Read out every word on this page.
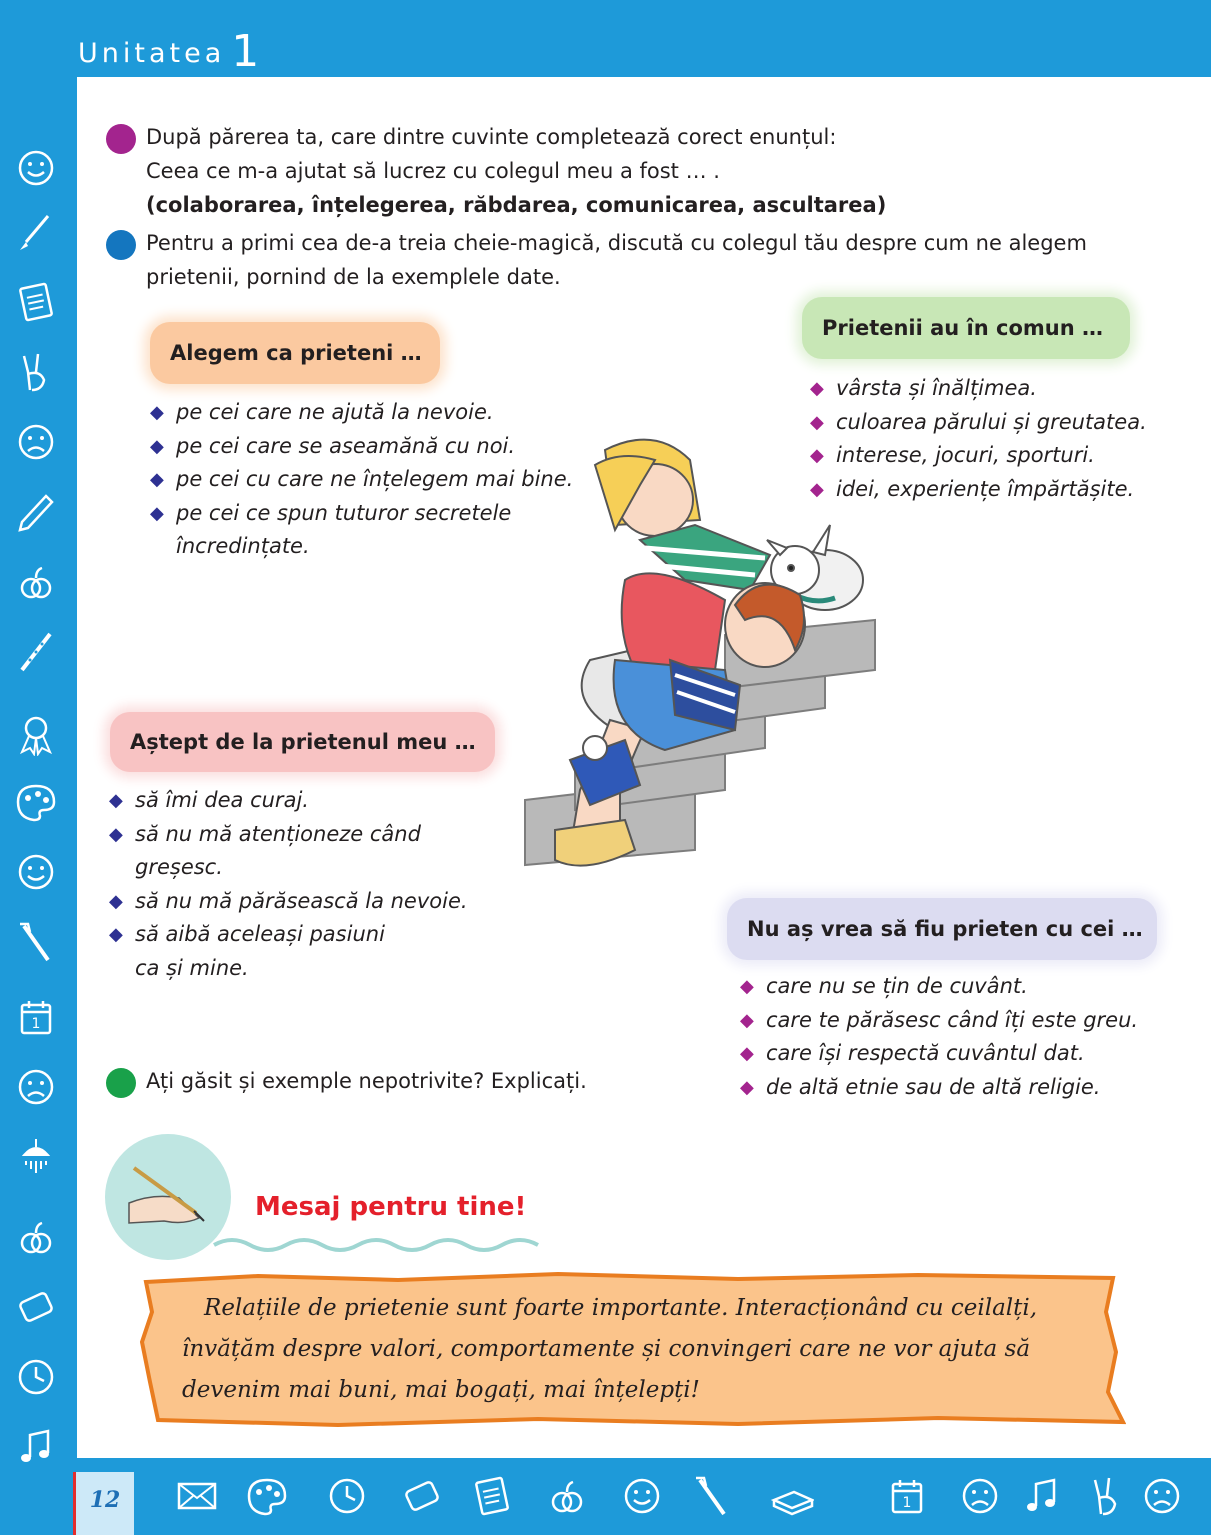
Unitatea 1
12
1
1
După părerea ta, care dintre cuvinte completează corect enunțul:
Ceea ce m-a ajutat să lucrez cu colegul meu a fost … .
(colaborarea, înțelegerea, răbdarea, comunicarea, ascultarea)
Pentru a primi cea de-a treia cheie-magică, discută cu colegul tău despre cum ne alegem
prietenii, pornind de la exemplele date.
Alegem ca prieteni …
◆ pe cei care ne ajută la nevoie.
◆ pe cei care se aseamănă cu noi.
◆ pe cei cu care ne înțelegem mai bine.
◆ pe cei ce spun tuturor secretele
încredințate.
Prietenii au în comun …
◆ vârsta și înălțimea.
◆ culoarea părului și greutatea.
◆ interese, jocuri, sporturi.
◆ idei, experiențe împărtășite.
Aștept de la prietenul meu …
◆ să îmi dea curaj.
◆ să nu mă atenționeze când
greșesc.
◆ să nu mă părăsească la nevoie.
◆ să aibă aceleași pasiuni
ca și mine.
Nu aș vrea să fiu prieten cu cei …
◆ care nu se țin de cuvânt.
◆ care te părăsesc când îți este greu.
◆ care își respectă cuvântul dat.
◆ de altă etnie sau de altă religie.
Ați găsit și exemple nepotrivite? Explicați.
Mesaj pentru tine!
Relațiile de prietenie sunt foarte importante. Interacționând cu ceilalți,
învățăm despre valori, comportamente și convingeri care ne vor ajuta să
devenim mai buni, mai bogați, mai înțelepți!
